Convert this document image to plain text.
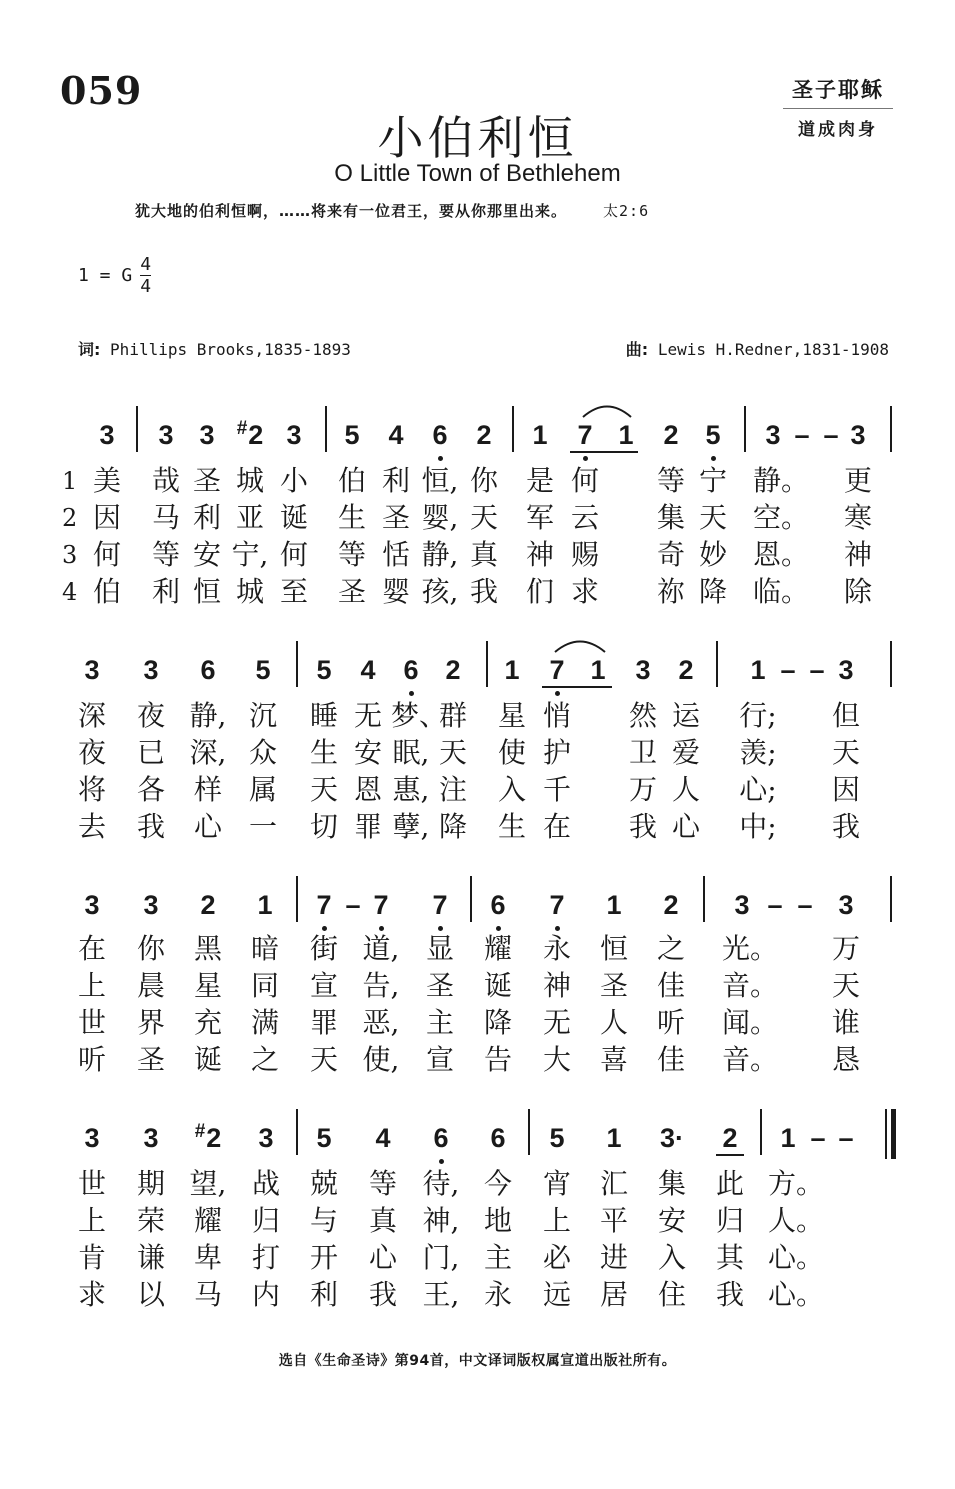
059	圣子耶稣
道成肉身
小伯利恒
O Little Town of Bethlehem
犹大地的伯利恒啊，……将来有一位君王，要从你那里出来。 太2:6
1 = G $\frac{4}{4}$
词: Phillips Brooks,1835-1893	曲: Lewis H.Redner,1831-1908
3	3 3	#2 3	5	4	6	2	1	7 1	2 5	3 – – 3
1 美 哉 圣 城 小 伯 利 恒, 你 是 何 等 宁 静。 更
2 因 马 利 亚 诞 生 圣 婴, 天 军 云 集 天 空。 寒
3 何 等 安 宁, 何 等 恬 静, 真 神 赐 奇 妙 恩。 神
4 伯 利 恒 城 至 圣 婴 孩, 我 们 求 祢 降 临。 除
3	3	6	5	5	4	6 2	1	7 1	3	2	1 – – 3
深 夜 静, 沉 睡 无 梦、
群 星 悄 然 运 行; 但
夜 已 深, 众 生 安 眠, 天 使 护 卫 爱 羡; 天
将 各 样 属 天 恩 惠, 注 入 千 万 人 心; 因
去 我 心 一 切 罪 孽, 降 生 在 我 心 中; 我
3	3	2	1	7 – 7	7	6	7	1	2	3 – – 3
在 你 黑 暗 街 道, 显 耀 永 恒 之 光。 万
上 晨 星 同 宣 告, 圣 诞 神 圣 佳 音。 天
世 界 充 满 罪 恶, 主 降 无 人 听 闻。 谁
听 圣 诞 之 天 使, 宣 告 大 喜 佳 音。 恳
3	3	#2	3	5	4	6	6	5	1	3·	2	1 – –
世 期 望, 战 兢 等 待, 今 宵 汇 集 此 方。
上 荣 耀 归 与 真 神, 地 上 平 安 归 人。
肯 谦 卑 打 开 心 门, 主 必 进 入 其 心。
求 以 马 内 利 我 王, 永 远 居 住 我 心。
选自《生命圣诗》第94首，中文译词版权属宣道出版社所有。
